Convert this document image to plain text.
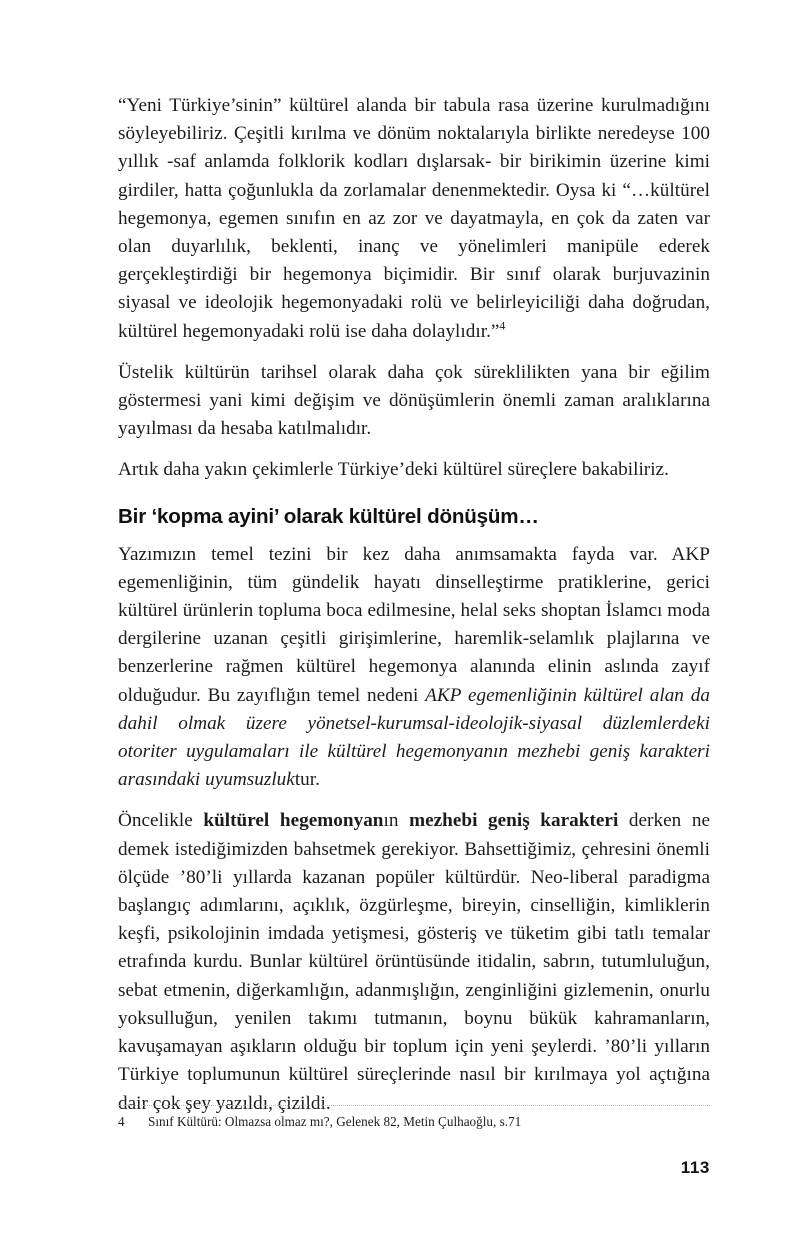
“Yeni Türkiye’sinin” kültürel alanda bir tabula rasa üzerine kurulmadığını söyleyebiliriz. Çeşitli kırılma ve dönüm noktalarıyla birlikte neredeyse 100 yıllık -saf anlamda folklorik kodları dışlarsak- bir birikimin üzerine kimi girdiler, hatta çoğunlukla da zorlamalar denenmektedir. Oysa ki “…kültürel hegemonya, egemen sınıfın en az zor ve dayatmayla, en çok da zaten var olan duyarlılık, beklenti, inanç ve yönelimleri manipüle ederek gerçekleştirdiği bir hegemonya biçimidir. Bir sınıf olarak burjuvazinin siyasal ve ideolojik hegemonyadaki rolü ve belirleyiciliği daha doğrudan, kültürel hegemonyadaki rolü ise daha dolaylıdır.”$^4$

Üstelik kültürün tarihsel olarak daha çok süreklilikten yana bir eğilim göstermesi yani kimi değişim ve dönüşümlerin önemli zaman aralıklarına yayılması da hesaba katılmalıdır.

Artık daha yakın çekimlerle Türkiye’deki kültürel süreçlere bakabiliriz.

Bir ‘kopma ayini’ olarak kültürel dönüşüm…

Yazımızın temel tezini bir kez daha anımsamakta fayda var. AKP egemenliğinin, tüm gündelik hayatı dinselleştirme pratiklerine, gerici kültürel ürünlerin topluma boca edilmesine, helal seks shoptan İslamcı moda dergilerine uzanan çeşitli girişimlerine, haremlik-selamlık plajlarına ve benzerlerine rağmen kültürel hegemonya alanında elinin aslında zayıf olduğudur. Bu zayıflığın temel nedeni AKP egemenliğinin kültürel alan da dahil olmak üzere yönetsel-kurumsal-ideolojik-siyasal düzlemlerdeki otoriter uygulamaları ile kültürel hegemonyanın mezhebi geniş karakteri arasındaki uyumsuzluktur.

Öncelikle kültürel hegemonyanın mezhebi geniş karakteri derken ne demek istediğimizden bahsetmek gerekiyor. Bahsettiğimiz, çehresini önemli ölçüde ’80’li yıllarda kazanan popüler kültürdür. Neo-liberal paradigma başlangıç adımlarını, açıklık, özgürleşme, bireyin, cinselliğin, kimliklerin keşfi, psikolojinin imdada yetişmesi, gösteriş ve tüketim gibi tatlı temalar etrafında kurdu. Bunlar kültürel örüntüsünde itidalin, sabrın, tutumluluğun, sebat etmenin, diğerkamlığın, adanmışlığın, zenginliğini gizlemenin, onurlu yoksulluğun, yenilen takımı tutmanın, boynu bükük kahramanların, kavuşamayan aşıkların olduğu bir toplum için yeni şeylerdi. ’80’li yılların Türkiye toplumunun kültürel süreçlerinde nasıl bir kırılmaya yol açtığına dair çok şey yazıldı, çizildi.

4	Sınıf Kültürü: Olmazsa olmaz mı?, Gelenek 82, Metin Çulhaoğlu, s.71
113
